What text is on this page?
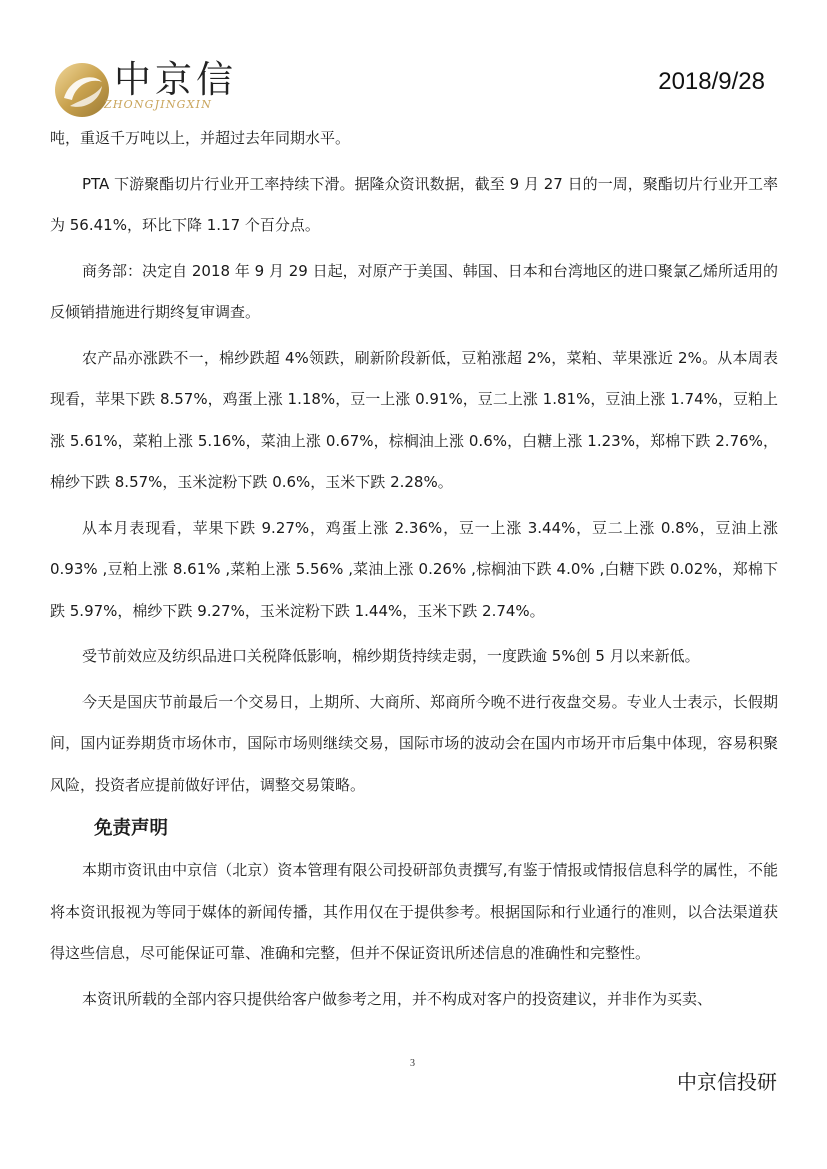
中京信
ZHONGJINGXIN
2018/9/28

吨，重返千万吨以上，并超过去年同期水平。

PTA 下游聚酯切片行业开工率持续下滑。据隆众资讯数据，截至 9 月 27 日的一周，聚酯切片行业开工率为 56.41%，环比下降 1.17 个百分点。

商务部：决定自 2018 年 9 月 29 日起，对原产于美国、韩国、日本和台湾地区的进口聚氯乙烯所适用的反倾销措施进行期终复审调查。

农产品亦涨跌不一，棉纱跌超 4%领跌，刷新阶段新低，豆粕涨超 2%，菜粕、苹果涨近 2%。从本周表现看，苹果下跌 8.57%，鸡蛋上涨 1.18%，豆一上涨 0.91%，豆二上涨 1.81%，豆油上涨 1.74%，豆粕上涨 5.61%，菜粕上涨 5.16%，菜油上涨 0.67%，棕榈油上涨 0.6%，白糖上涨 1.23%，郑棉下跌 2.76%，棉纱下跌 8.57%，玉米淀粉下跌 0.6%，玉米下跌 2.28%。

从本月表现看，苹果下跌 9.27%，鸡蛋上涨 2.36%，豆一上涨 3.44%，豆二上涨 0.8%，豆油上涨 0.93% ,豆粕上涨 8.61% ,菜粕上涨 5.56% ,菜油上涨 0.26% ,棕榈油下跌 4.0% ,白糖下跌 0.02%，郑棉下跌 5.97%，棉纱下跌 9.27%，玉米淀粉下跌 1.44%，玉米下跌 2.74%。

受节前效应及纺织品进口关税降低影响，棉纱期货持续走弱，一度跌逾 5%创 5 月以来新低。

今天是国庆节前最后一个交易日，上期所、大商所、郑商所今晚不进行夜盘交易。专业人士表示，长假期间，国内证券期货市场休市，国际市场则继续交易，国际市场的波动会在国内市场开市后集中体现，容易积聚风险，投资者应提前做好评估，调整交易策略。

免责声明

本期市资讯由中京信（北京）资本管理有限公司投研部负责撰写,有鉴于情报或情报信息科学的属性，不能将本资讯报视为等同于媒体的新闻传播，其作用仅在于提供参考。根据国际和行业通行的准则，以合法渠道获得这些信息，尽可能保证可靠、准确和完整，但并不保证资讯所述信息的准确性和完整性。

本资讯所载的全部内容只提供给客户做参考之用，并不构成对客户的投资建议，并非作为买卖、

3
中京信投研
